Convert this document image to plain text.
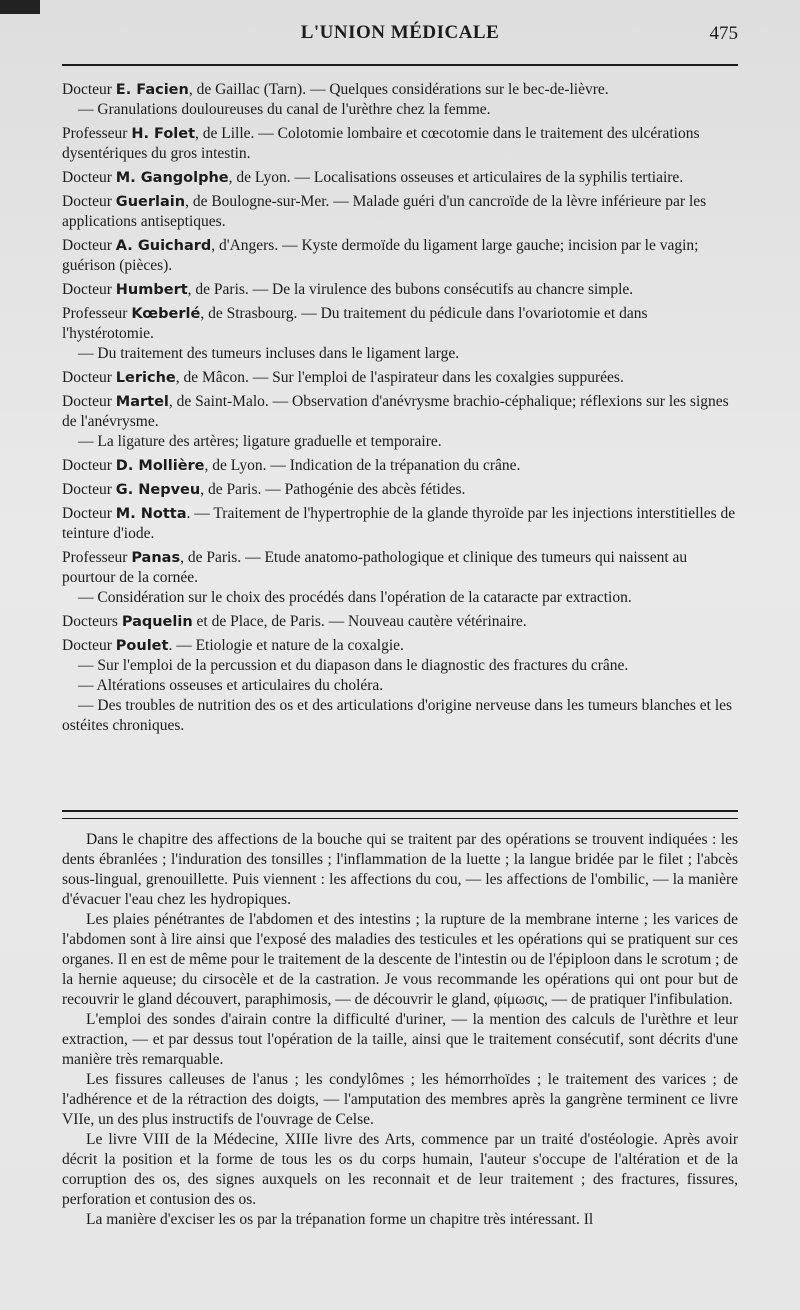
L'UNION MÉDICALE	475
Docteur E. Facien, de Gaillac (Tarn). — Quelques considérations sur le bec-de-lièvre.
— Granulations douloureuses du canal de l'urèthre chez la femme.
Professeur H. Folet, de Lille. — Colotomie lombaire et cœcotomie dans le traitement des ulcérations dysentériques du gros intestin.
Docteur M. Gangolphe, de Lyon. — Localisations osseuses et articulaires de la syphilis tertiaire.
Docteur Guerlain, de Boulogne-sur-Mer. — Malade guéri d'un cancroïde de la lèvre inférieure par les applications antiseptiques.
Docteur A. Guichard, d'Angers. — Kyste dermoïde du ligament large gauche; incision par le vagin; guérison (pièces).
Docteur Humbert, de Paris. — De la virulence des bubons consécutifs au chancre simple.
Professeur Kœberlé, de Strasbourg. — Du traitement du pédicule dans l'ovariotomie et dans l'hystérotomie.
— Du traitement des tumeurs incluses dans le ligament large.
Docteur Leriche, de Mâcon. — Sur l'emploi de l'aspirateur dans les coxalgies suppurées.
Docteur Martel, de Saint-Malo. — Observation d'anévrysme brachio-céphalique; réflexions sur les signes de l'anévrysme.
— La ligature des artères; ligature graduelle et temporaire.
Docteur D. Mollière, de Lyon. — Indication de la trépanation du crâne.
Docteur G. Nepveu, de Paris. — Pathogénie des abcès fétides.
Docteur M. Notta. — Traitement de l'hypertrophie de la glande thyroïde par les injections interstitielles de teinture d'iode.
Professeur Panas, de Paris. — Etude anatomo-pathologique et clinique des tumeurs qui naissent au pourtour de la cornée.
— Considération sur le choix des procédés dans l'opération de la cataracte par extraction.
Docteurs Paquelin et de Place, de Paris. — Nouveau cautère vétérinaire.
Docteur Poulet. — Etiologie et nature de la coxalgie.
— Sur l'emploi de la percussion et du diapason dans le diagnostic des fractures du crâne.
— Altérations osseuses et articulaires du choléra.
— Des troubles de nutrition des os et des articulations d'origine nerveuse dans les tumeurs blanches et les ostéites chroniques.

Dans le chapitre des affections de la bouche qui se traitent par des opérations se trouvent indiquées : les dents ébranlées ; l'induration des tonsilles ; l'inflammation de la luette ; la langue bridée par le filet ; l'abcès sous-lingual, grenouillette. Puis viennent : les affections du cou, — les affections de l'ombilic, — la manière d'évacuer l'eau chez les hydropiques.

Les plaies pénétrantes de l'abdomen et des intestins ; la rupture de la membrane interne ; les varices de l'abdomen sont à lire ainsi que l'exposé des maladies des testicules et les opérations qui se pratiquent sur ces organes. Il en est de même pour le traitement de la descente de l'intestin ou de l'épiploon dans le scrotum ; de la hernie aqueuse; du cirsocèle et de la castration. Je vous recommande les opérations qui ont pour but de recouvrir le gland découvert, paraphimosis, — de découvrir le gland, φίμωσις, — de pratiquer l'infibulation.

L'emploi des sondes d'airain contre la difficulté d'uriner, — la mention des calculs de l'urèthre et leur extraction, — et par dessus tout l'opération de la taille, ainsi que le traitement consécutif, sont décrits d'une manière très remarquable.

Les fissures calleuses de l'anus ; les condylômes ; les hémorrhoïdes ; le traitement des varices ; de l'adhérence et de la rétraction des doigts, — l'amputation des membres après la gangrène terminent ce livre VIIe, un des plus instructifs de l'ouvrage de Celse.

Le livre VIII de la Médecine, XIIIe livre des Arts, commence par un traité d'ostéologie. Après avoir décrit la position et la forme de tous les os du corps humain, l'auteur s'occupe de l'altération et de la corruption des os, des signes auxquels on les reconnait et de leur traitement ; des fractures, fissures, perforation et contusion des os.

La manière d'exciser les os par la trépanation forme un chapitre très intéressant. Il
